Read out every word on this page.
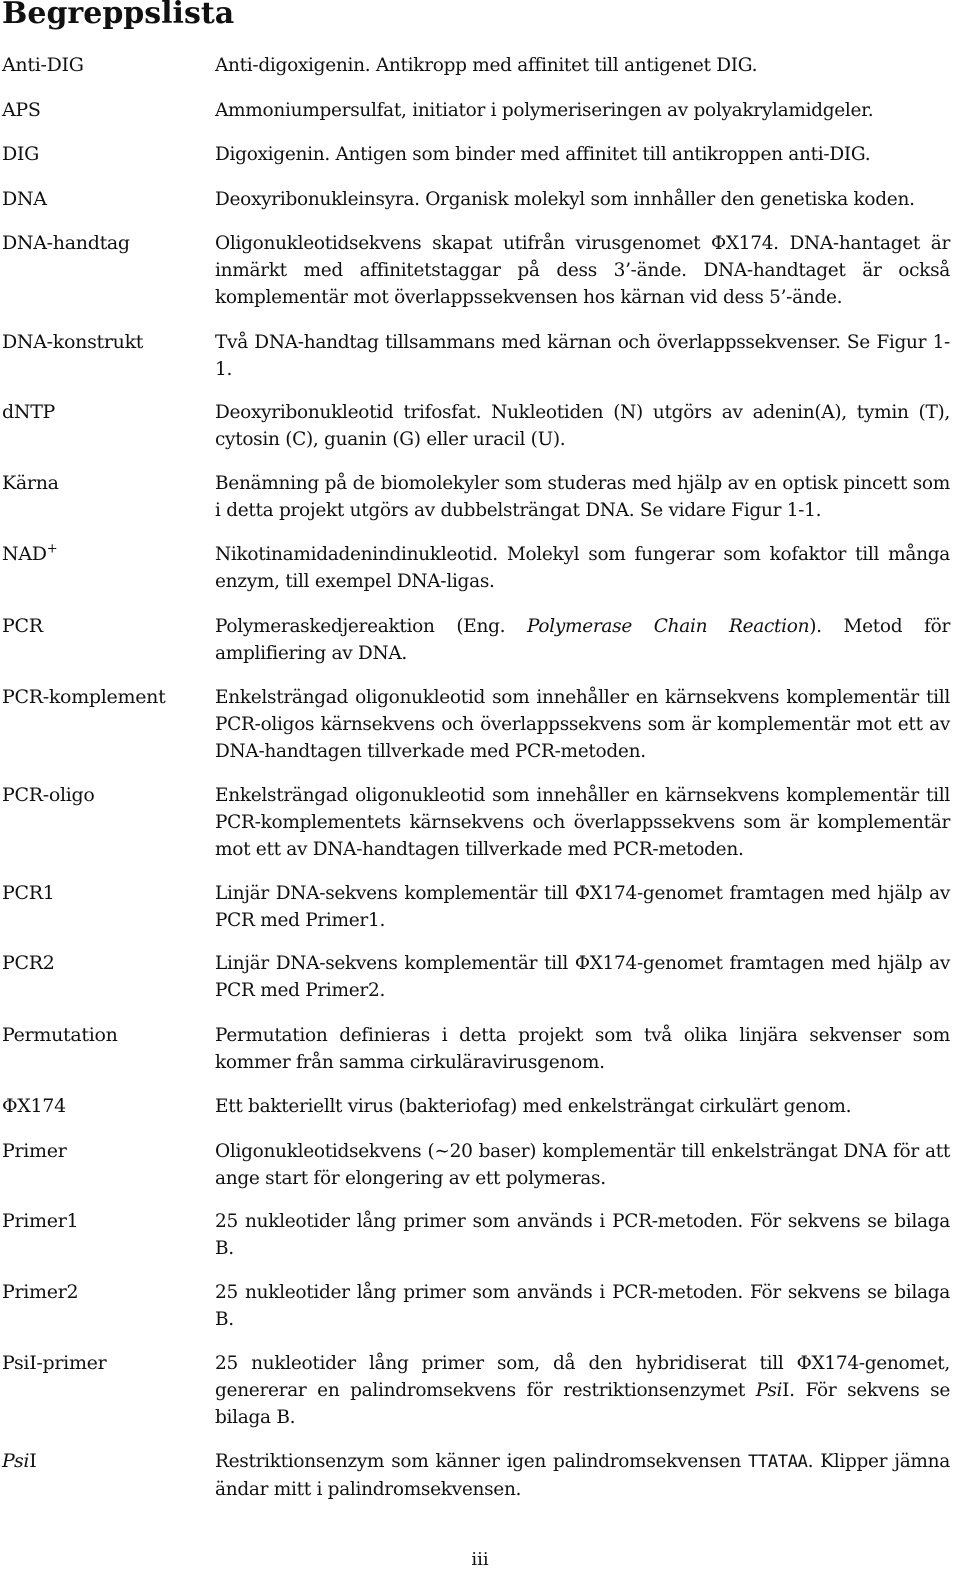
Begreppslista
Anti-DIG	Anti-digoxigenin. Antikropp med affinitet till antigenet DIG.
APS	Ammoniumpersulfat, initiator i polymeriseringen av polyakrylamidgeler.
DIG	Digoxigenin. Antigen som binder med affinitet till antikroppen anti-DIG.
DNA	Deoxyribonukleinsyra. Organisk molekyl som innhåller den genetiska koden.
DNA-handtag	Oligonukleotidsekvens skapat utifrån virusgenomet ΦX174. DNA-hantaget är inmärkt med affinitetstaggar på dess 3’-ände. DNA-handtaget är också komplementär mot överlappssekvensen hos kärnan vid dess 5’-ände.
DNA-konstrukt	Två DNA-handtag tillsammans med kärnan och överlappssekvenser. Se Figur 1-1.
dNTP	Deoxyribonukleotid trifosfat. Nukleotiden (N) utgörs av adenin(A), tymin (T), cytosin (C), guanin (G) eller uracil (U).
Kärna	Benämning på de biomolekyler som studeras med hjälp av en optisk pincett som i detta projekt utgörs av dubbelsträngat DNA. Se vidare Figur 1-1.
NAD+	Nikotinamidadenindinukleotid. Molekyl som fungerar som kofaktor till många enzym, till exempel DNA-ligas.
PCR	Polymeraskedjereaktion (Eng. Polymerase Chain Reaction). Metod för amplifiering av DNA.
PCR-komplement	Enkelsträngad oligonukleotid som innehåller en kärnsekvens komplementär till PCR-oligos kärnsekvens och överlappssekvens som är komplementär mot ett av DNA-handtagen tillverkade med PCR-metoden.
PCR-oligo	Enkelsträngad oligonukleotid som innehåller en kärnsekvens komplementär till PCR-komplementets kärnsekvens och överlappssekvens som är komplementär mot ett av DNA-handtagen tillverkade med PCR-metoden.
PCR1	Linjär DNA-sekvens komplementär till ΦX174-genomet framtagen med hjälp av PCR med Primer1.
PCR2	Linjär DNA-sekvens komplementär till ΦX174-genomet framtagen med hjälp av PCR med Primer2.
Permutation	Permutation definieras i detta projekt som två olika linjära sekvenser som kommer från samma cirkuläravirusgenom.
ΦX174	Ett bakteriellt virus (bakteriofag) med enkelsträngat cirkulärt genom.
Primer	Oligonukleotidsekvens (∼20 baser) komplementär till enkelsträngat DNA för att ange start för elongering av ett polymeras.
Primer1	25 nukleotider lång primer som används i PCR-metoden. För sekvens se bilaga B.
Primer2	25 nukleotider lång primer som används i PCR-metoden. För sekvens se bilaga B.
PsiI-primer	25 nukleotider lång primer som, då den hybridiserat till ΦX174-genomet, genererar en palindromsekvens för restriktionsenzymet PsiI. För sekvens se bilaga B.
PsiI	Restriktionsenzym som känner igen palindromsekvensen TTATAA. Klipper jämna ändar mitt i palindromsekvensen.
iii
